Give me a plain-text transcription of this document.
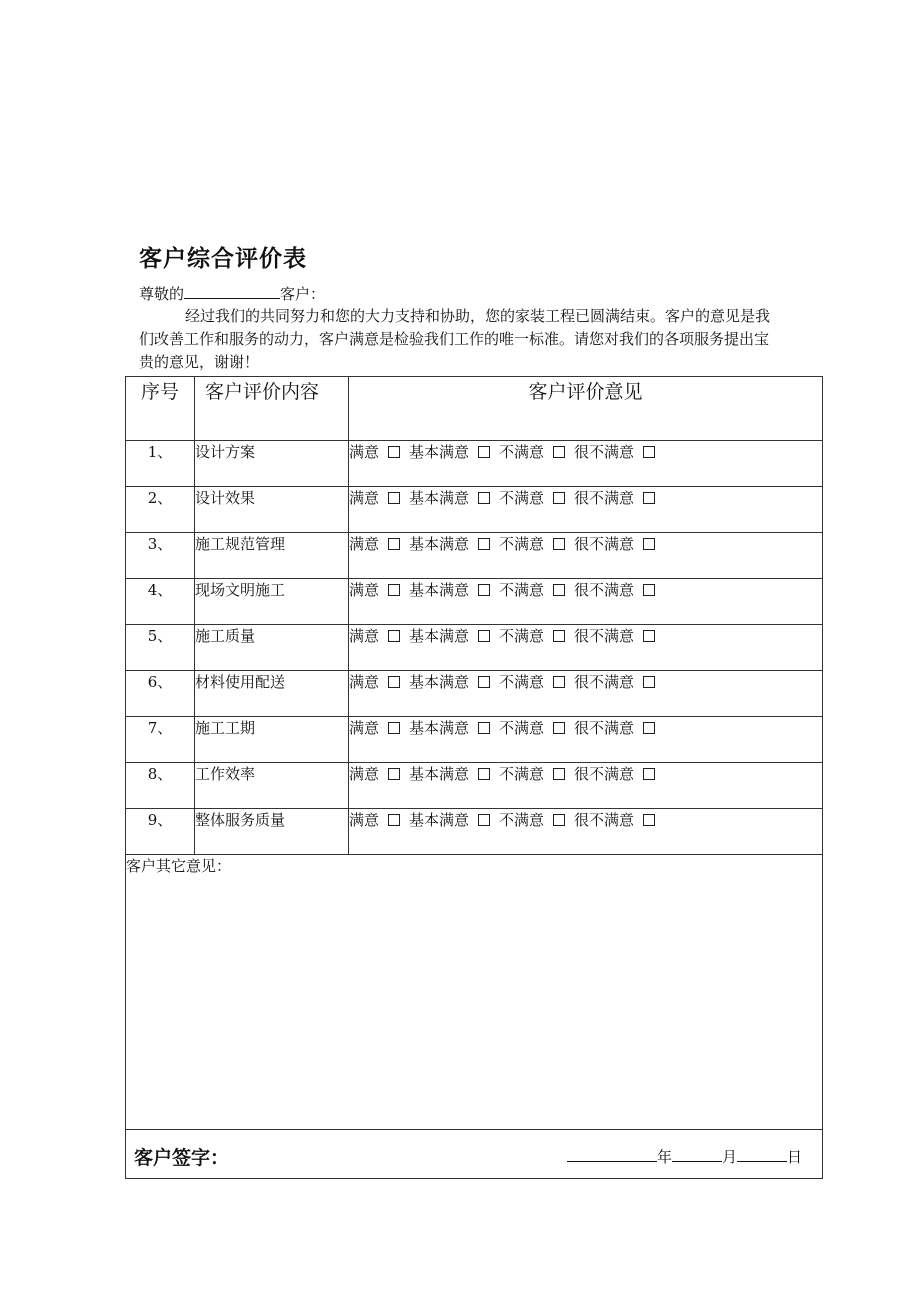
客户综合评价表
尊敬的	客户：

经过我们的共同努力和您的大力支持和协助，您的家装工程已圆满结束。客户的意见是我们改善工作和服务的动力，客户满意是检验我们工作的唯一标准。请您对我们的各项服务提出宝贵的意见，谢谢！

序号	客户评价内容	客户评价意见
1、	设计方案	满意 基本满意 不满意 很不满意
2、	设计效果	满意 基本满意 不满意 很不满意
3、	施工规范管理	满意 基本满意 不满意 很不满意
4、	现场文明施工	满意 基本满意 不满意 很不满意
5、	施工质量	满意 基本满意 不满意 很不满意
6、	材料使用配送	满意 基本满意 不满意 很不满意
7、	施工工期	满意 基本满意 不满意 很不满意
8、	工作效率	满意 基本满意 不满意 很不满意
9、	整体服务质量	满意 基本满意 不满意 很不满意
客户其它意见：		

客户签字： 年 月 日		
